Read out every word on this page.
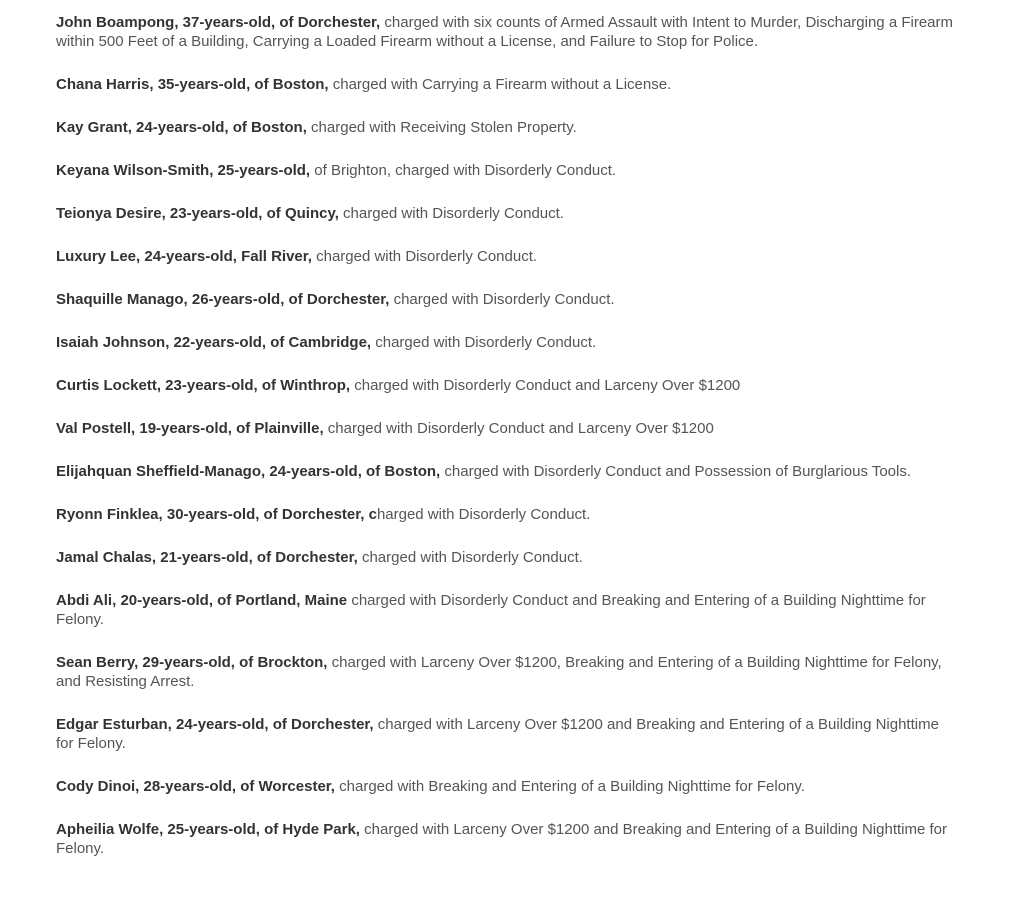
John Boampong, 37-years-old, of Dorchester, charged with six counts of Armed Assault with Intent to Murder, Discharging a Firearm within 500 Feet of a Building, Carrying a Loaded Firearm without a License, and Failure to Stop for Police.

Chana Harris, 35-years-old, of Boston, charged with Carrying a Firearm without a License.

Kay Grant, 24-years-old, of Boston, charged with Receiving Stolen Property.

Keyana Wilson-Smith, 25-years-old, of Brighton, charged with Disorderly Conduct.

Teionya Desire, 23-years-old, of Quincy, charged with Disorderly Conduct.

Luxury Lee, 24-years-old, Fall River, charged with Disorderly Conduct.

Shaquille Manago, 26-years-old, of Dorchester, charged with Disorderly Conduct.

Isaiah Johnson, 22-years-old, of Cambridge, charged with Disorderly Conduct.

Curtis Lockett, 23-years-old, of Winthrop, charged with Disorderly Conduct and Larceny Over $1200

Val Postell, 19-years-old, of Plainville, charged with Disorderly Conduct and Larceny Over $1200

Elijahquan Sheffield-Manago, 24-years-old, of Boston, charged with Disorderly Conduct and Possession of Burglarious Tools.

Ryonn Finklea, 30-years-old, of Dorchester, charged with Disorderly Conduct.

Jamal Chalas, 21-years-old, of Dorchester, charged with Disorderly Conduct.

Abdi Ali, 20-years-old, of Portland, Maine charged with Disorderly Conduct and Breaking and Entering of a Building Nighttime for Felony.

Sean Berry, 29-years-old, of Brockton, charged with Larceny Over $1200, Breaking and Entering of a Building Nighttime for Felony, and Resisting Arrest.

Edgar Esturban, 24-years-old, of Dorchester, charged with Larceny Over $1200 and Breaking and Entering of a Building Nighttime for Felony.

Cody Dinoi, 28-years-old, of Worcester, charged with Breaking and Entering of a Building Nighttime for Felony.

Apheilia Wolfe, 25-years-old, of Hyde Park, charged with Larceny Over $1200 and Breaking and Entering of a Building Nighttime for Felony.
